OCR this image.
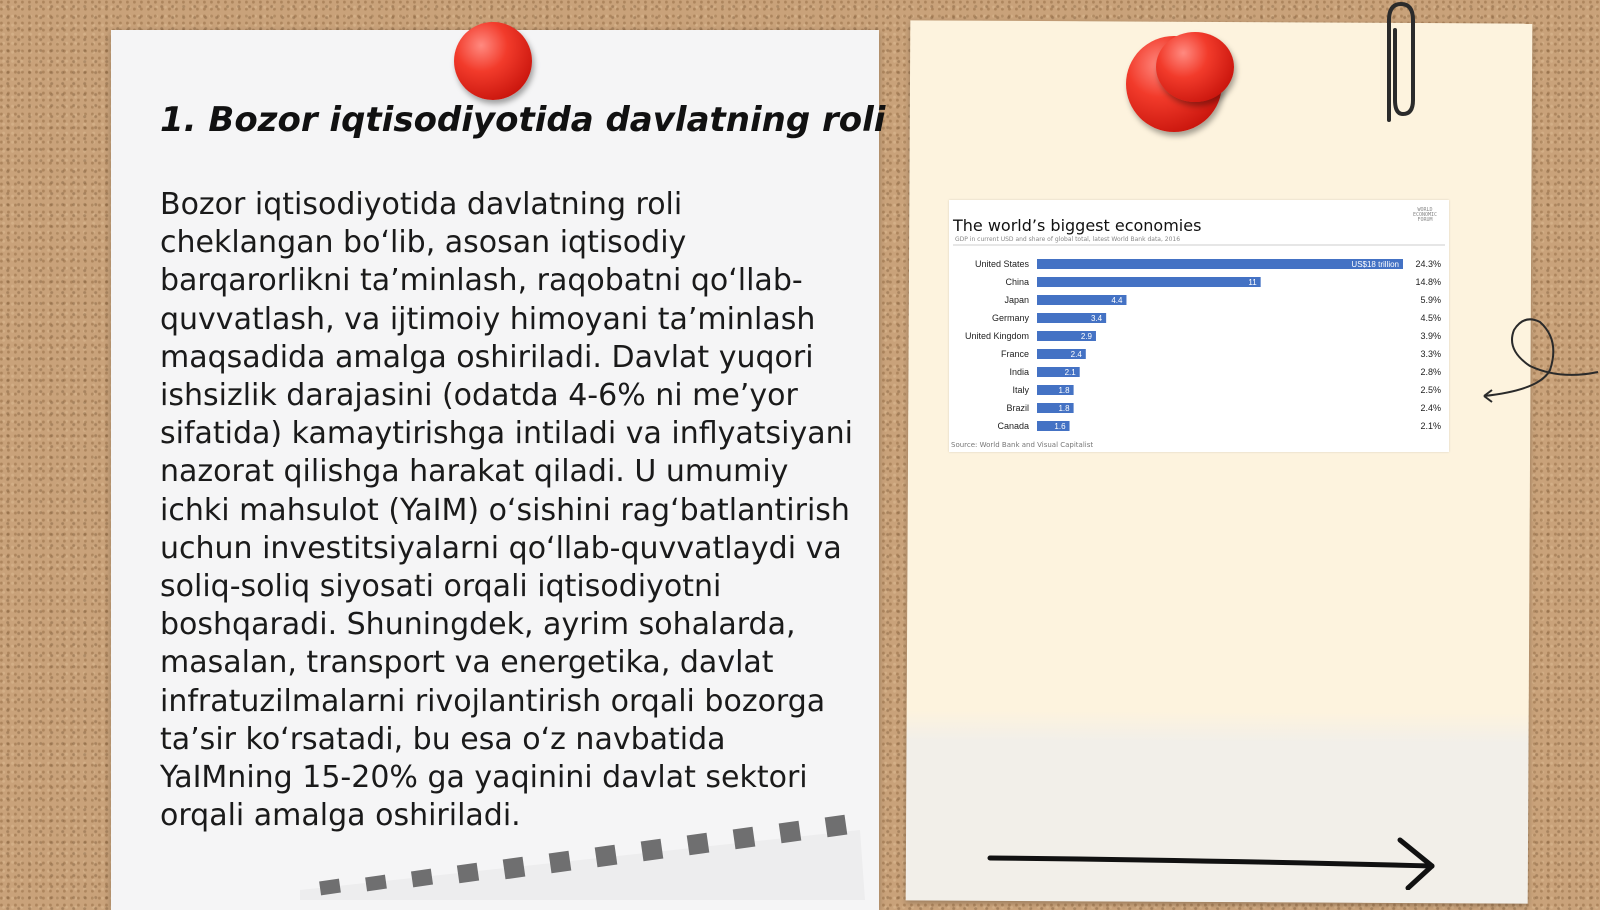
1. Bozor iqtisodiyotida davlatning roli

Bozor iqtisodiyotida davlatning roli cheklangan bo‘lib, asosan iqtisodiy barqarorlikni ta’minlash, raqobatni qo‘llab-quvvatlash, va ijtimoiy himoyani ta’minlash maqsadida amalga oshiriladi. Davlat yuqori ishsizlik darajasini (odatda 4-6% ni me’yor sifatida) kamaytirishga intiladi va inflyatsiyani nazorat qilishga harakat qiladi. U umumiy ichki mahsulot (YaIM) o‘sishini rag‘batlantirish uchun investitsiyalarni qo‘llab-quvvatlaydi va soliq-soliq siyosati orqali iqtisodiyotni boshqaradi. Shuningdek, ayrim sohalarda, masalan, transport va energetika, davlat infratuzilmalarni rivojlantirish orqali bozorga ta’sir ko‘rsatadi, bu esa o‘z navbatida YaIMning 15-20% ga yaqinini davlat sektori orqali amalga oshiriladi.

The world’s biggest economies
GDP in current USD and share of global total, latest World Bank data, 2016
WORLD ECONOMIC FORUM
United States	US$18 trillion 24.3%
China	11	14.8%
Japan	4.4	5.9%
Germany	3.4	4.5%
United Kingdom	2.9	3.9%
France	2.4	3.3%
India	2.1	2.8%
Italy	1.8	2.5%
Brazil	1.8	2.4%
Canada	1.6	2.1%
Source: World Bank and Visual Capitalist
